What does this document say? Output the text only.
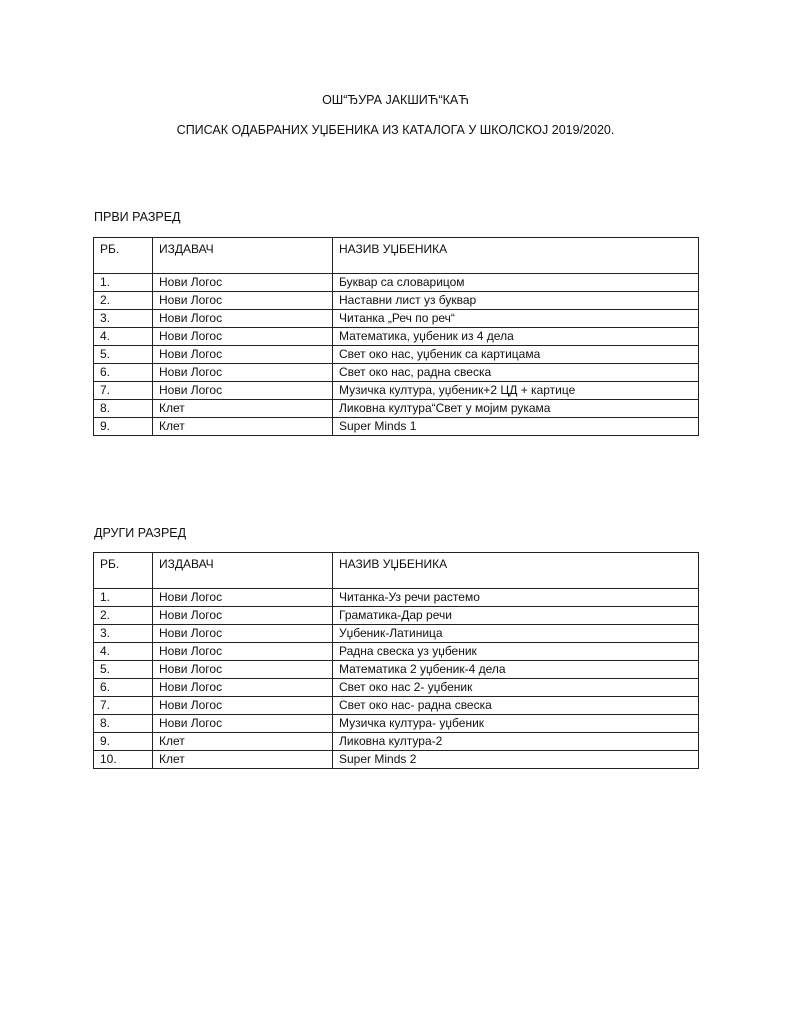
ОШ“ЂУРА ЈАКШИЋ“КАЋ
СПИСАК ОДАБРАНИХ УЏБЕНИКА ИЗ КАТАЛОГА У ШКОЛСКОЈ 2019/2020.
ПРВИ РАЗРЕД
РБ.	ИЗДАВАЧ	НАЗИВ УЏБЕНИКА
1.	Нови Логос	Буквар са словарицом
2.	Нови Логос	Наставни лист уз буквар
3.	Нови Логос	Читанка „Реч по реч“
4.	Нови Логос	Математика, уџбеник из 4 дела
5.	Нови Логос	Свет око нас, уџбеник са картицама
6.	Нови Логос	Свет око нас, радна свеска
7.	Нови Логос	Музичка култура, уџбеник+2 ЦД + картице
8.	Клет	Ликовна култура“Свет у мојим рукама
9.	Клет	Super Minds 1
ДРУГИ РАЗРЕД
РБ.	ИЗДАВАЧ	НАЗИВ УЏБЕНИКА
1.	Нови Логос	Читанка-Уз речи растемо
2.	Нови Логос	Граматика-Дар речи
3.	Нови Логос	Уџбеник-Латиница
4.	Нови Логос	Радна свеска уз уџбеник
5.	Нови Логос	Математика 2 уџбеник-4 дела
6.	Нови Логос	Свет око нас 2- уџбеник
7.	Нови Логос	Свет око нас- радна свеска
8.	Нови Логос	Музичка култура- уџбеник
9.	Клет	Ликовна култура-2
10.	Клет	Super Minds 2
